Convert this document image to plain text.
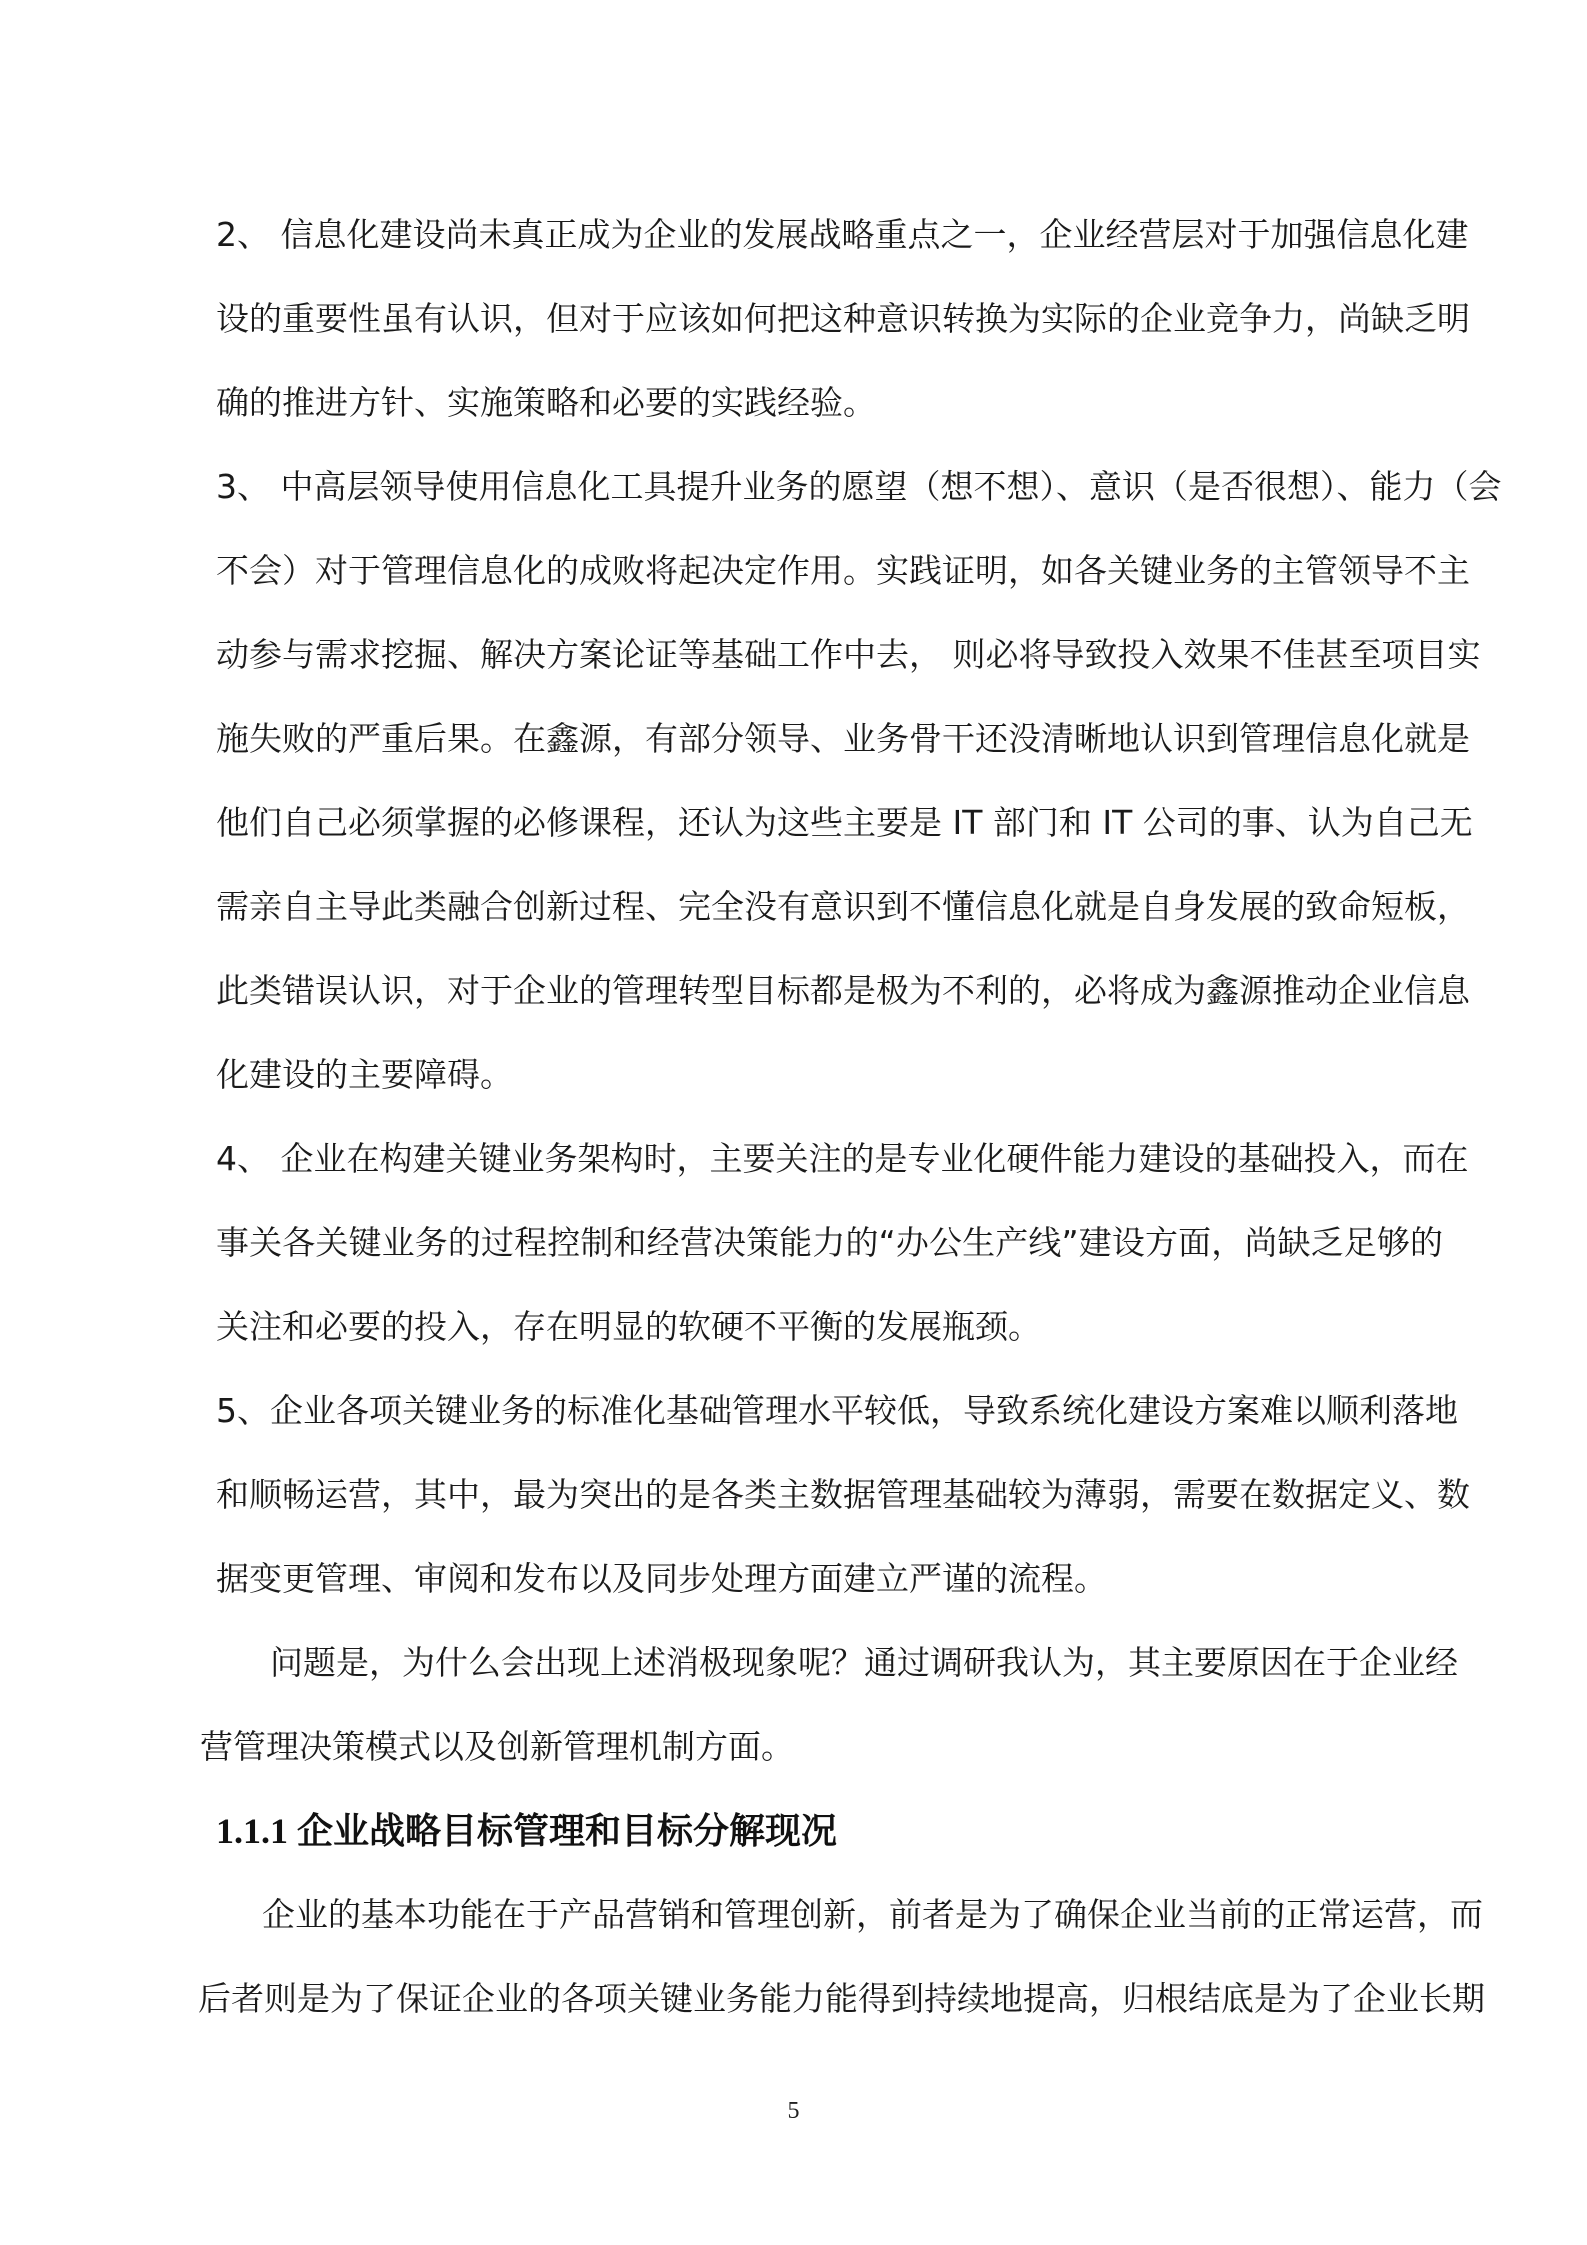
2、 信息化建设尚未真正成为企业的发展战略重点之一，企业经营层对于加强信息化建
设的重要性虽有认识，但对于应该如何把这种意识转换为实际的企业竞争力，尚缺乏明
确的推进方针、实施策略和必要的实践经验。
3、 中高层领导使用信息化工具提升业务的愿望（想不想）、意识（是否很想）、能力（会
不会）对于管理信息化的成败将起决定作用。实践证明，如各关键业务的主管领导不主
动参与需求挖掘、解决方案论证等基础工作中去， 则必将导致投入效果不佳甚至项目实
施失败的严重后果。在鑫源，有部分领导、业务骨干还没清晰地认识到管理信息化就是
他们自己必须掌握的必修课程，还认为这些主要是 IT 部门和 IT 公司的事、认为自己无
需亲自主导此类融合创新过程、完全没有意识到不懂信息化就是自身发展的致命短板，
此类错误认识，对于企业的管理转型目标都是极为不利的，必将成为鑫源推动企业信息
化建设的主要障碍。
4、 企业在构建关键业务架构时，主要关注的是专业化硬件能力建设的基础投入，而在
事关各关键业务的过程控制和经营决策能力的“办公生产线”建设方面，尚缺乏足够的
关注和必要的投入，存在明显的软硬不平衡的发展瓶颈。
5、企业各项关键业务的标准化基础管理水平较低，导致系统化建设方案难以顺利落地
和顺畅运营，其中，最为突出的是各类主数据管理基础较为薄弱，需要在数据定义、数
据变更管理、审阅和发布以及同步处理方面建立严谨的流程。
问题是，为什么会出现上述消极现象呢？通过调研我认为，其主要原因在于企业经
营管理决策模式以及创新管理机制方面。
1.1.1 企业战略目标管理和目标分解现况
企业的基本功能在于产品营销和管理创新，前者是为了确保企业当前的正常运营，而
后者则是为了保证企业的各项关键业务能力能得到持续地提高，归根结底是为了企业长期
5
